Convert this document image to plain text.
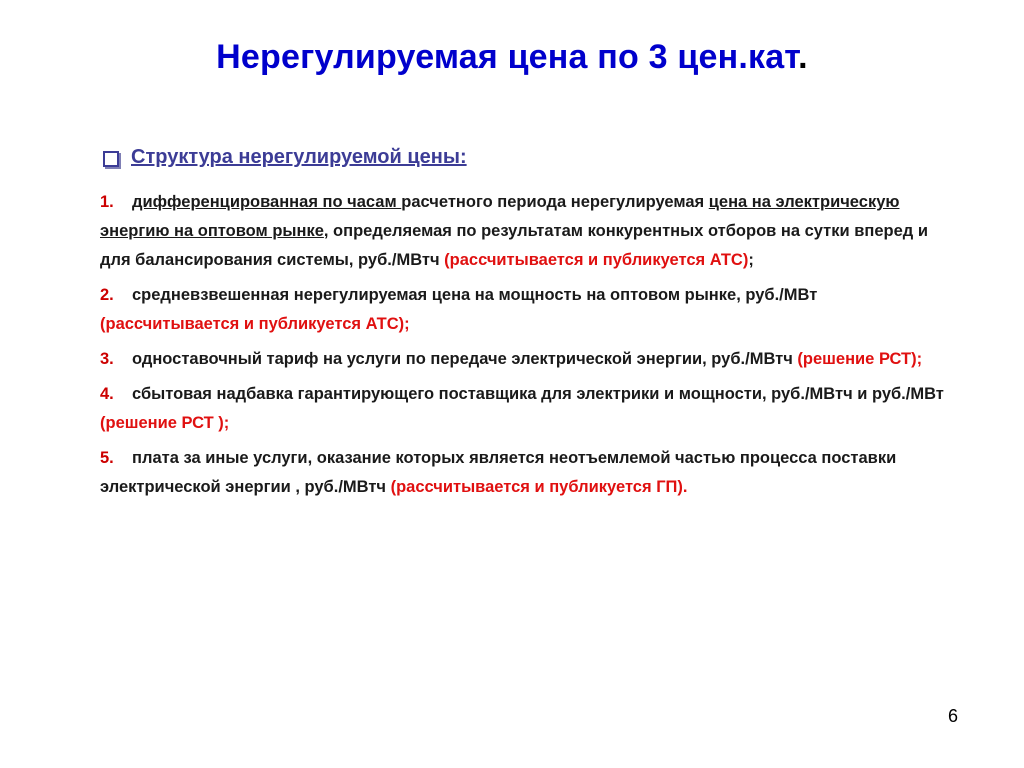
Нерегулируемая цена по 3 цен.кат.
Структура нерегулируемой цены:
1. дифференцированная по часам расчетного периода нерегулируемая цена на электрическую энергию на оптовом рынке, определяемая по результатам конкурентных отборов на сутки вперед и для балансирования системы, руб./МВтч (рассчитывается и публикуется АТС);
2. средневзвешенная нерегулируемая цена на мощность на оптовом рынке, руб./МВт (рассчитывается и публикуется АТС);
3. одноставочный тариф на услуги по передаче электрической энергии, руб./МВтч (решение РСТ);
4. сбытовая надбавка гарантирующего поставщика для электрики и мощности, руб./МВтч и руб./МВт (решение РСТ );
5. плата за иные услуги, оказание которых является неотъемлемой частью процесса поставки электрической энергии , руб./МВтч (рассчитывается и публикуется ГП).
6
